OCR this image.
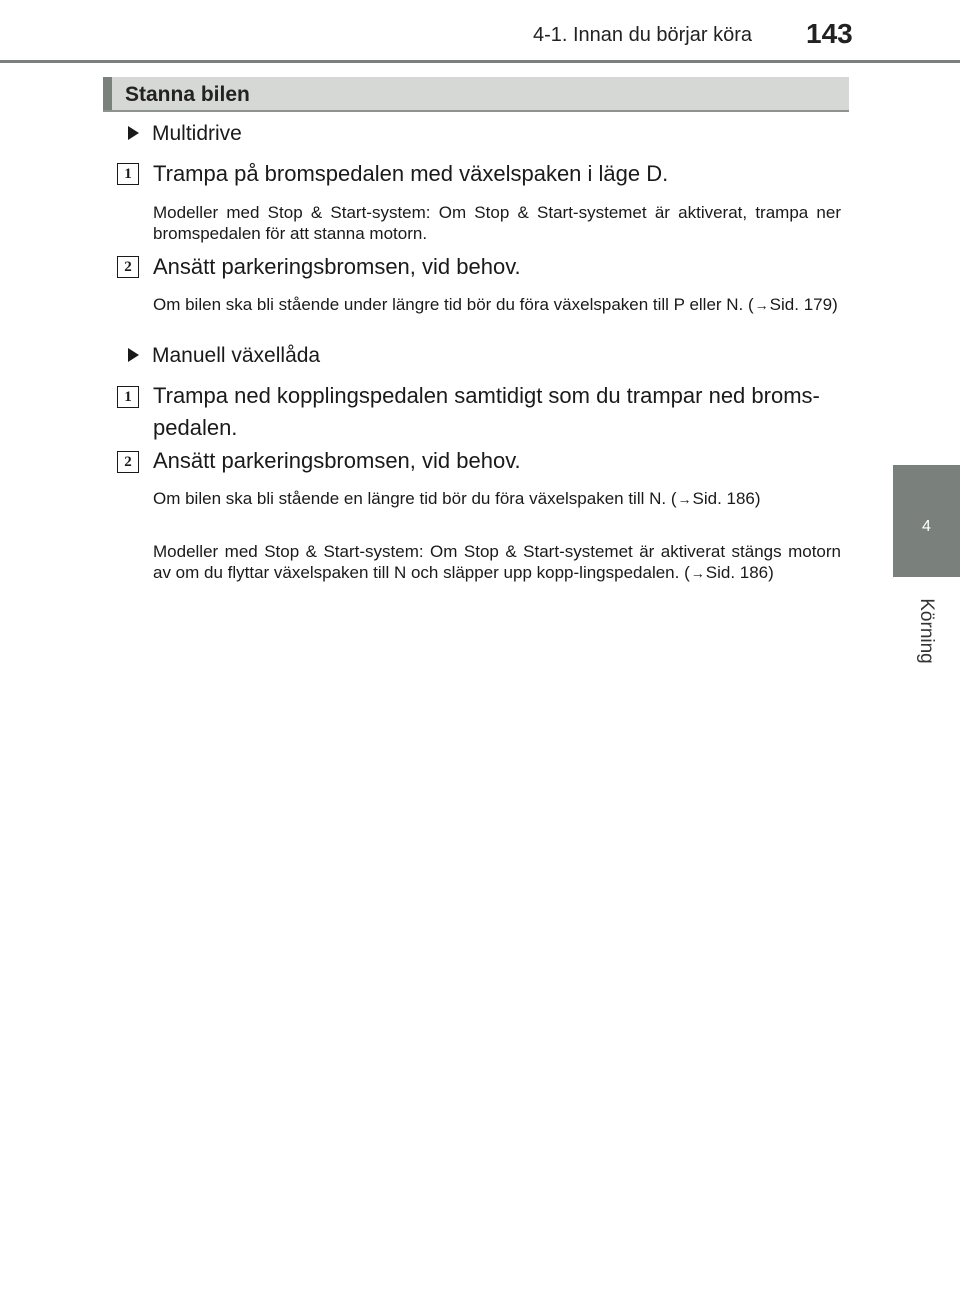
4-1. Innan du börjar köra 143
4
Körning
Stanna bilen
Multidrive
1 Trampa på bromspedalen med växelspaken i läge D.
Modeller med Stop & Start-system: Om Stop & Start-systemet är aktiverat, trampa ner bromspedalen för att stanna motorn.
2 Ansätt parkeringsbromsen, vid behov.
Om bilen ska bli stående under längre tid bör du föra växelspaken till P eller N. (→Sid. 179)
Manuell växellåda
1 Trampa ned kopplingspedalen samtidigt som du trampar ned broms-pedalen.
2 Ansätt parkeringsbromsen, vid behov.
Om bilen ska bli stående en längre tid bör du föra växelspaken till N. (→Sid. 186)
Modeller med Stop & Start-system: Om Stop & Start-systemet är aktiverat stängs motorn av om du flyttar växelspaken till N och släpper upp kopp-lingspedalen. (→Sid. 186)
